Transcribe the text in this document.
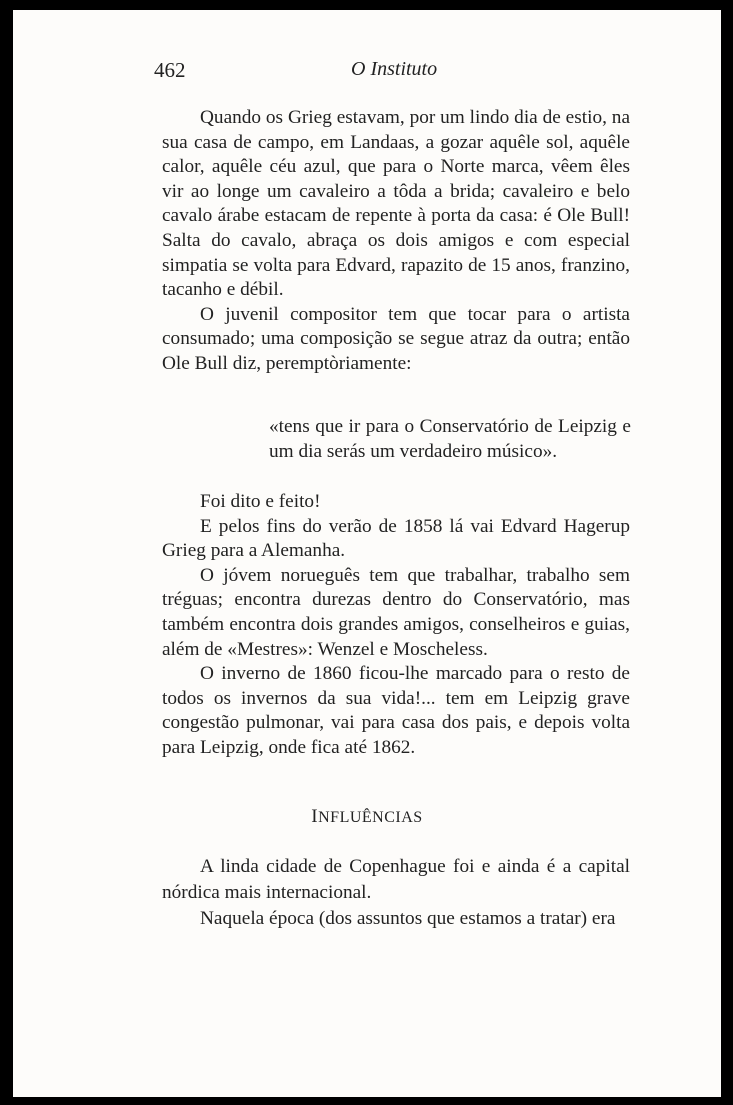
462	O Instituto

Quando os Grieg estavam, por um lindo dia de estio, na sua casa de campo, em Landaas, a gozar aquêle sol, aquêle calor, aquêle céu azul, que para o Norte marca, vêem êles vir ao longe um cavaleiro a tôda a brida; cavaleiro e belo cavalo árabe estacam de repente à porta da casa: é Ole Bull! Salta do cavalo, abraça os dois amigos e com especial simpatia se volta para Edvard, rapazito de 15 anos, franzino, tacanho e débil.

O juvenil compositor tem que tocar para o artista consumado; uma composição se segue atraz da outra; então Ole Bull diz, peremptòriamente:

«tens que ir para o Conservatório de Leipzig e um dia serás um verdadeiro músico».

Foi dito e feito!

E pelos fins do verão de 1858 lá vai Edvard Hagerup Grieg para a Alemanha.

O jóvem norueguês tem que trabalhar, trabalho sem tréguas; encontra durezas dentro do Conservatório, mas também encontra dois grandes amigos, conselheiros e guias, além de «Mestres»: Wenzel e Moscheless.

O inverno de 1860 ficou-lhe marcado para o resto de todos os invernos da sua vida!... tem em Leipzig grave congestão pulmonar, vai para casa dos pais, e depois volta para Leipzig, onde fica até 1862.

INFLUÊNCIAS

A linda cidade de Copenhague foi e ainda é a capital nórdica mais internacional.

Naquela época (dos assuntos que estamos a tratar) era
